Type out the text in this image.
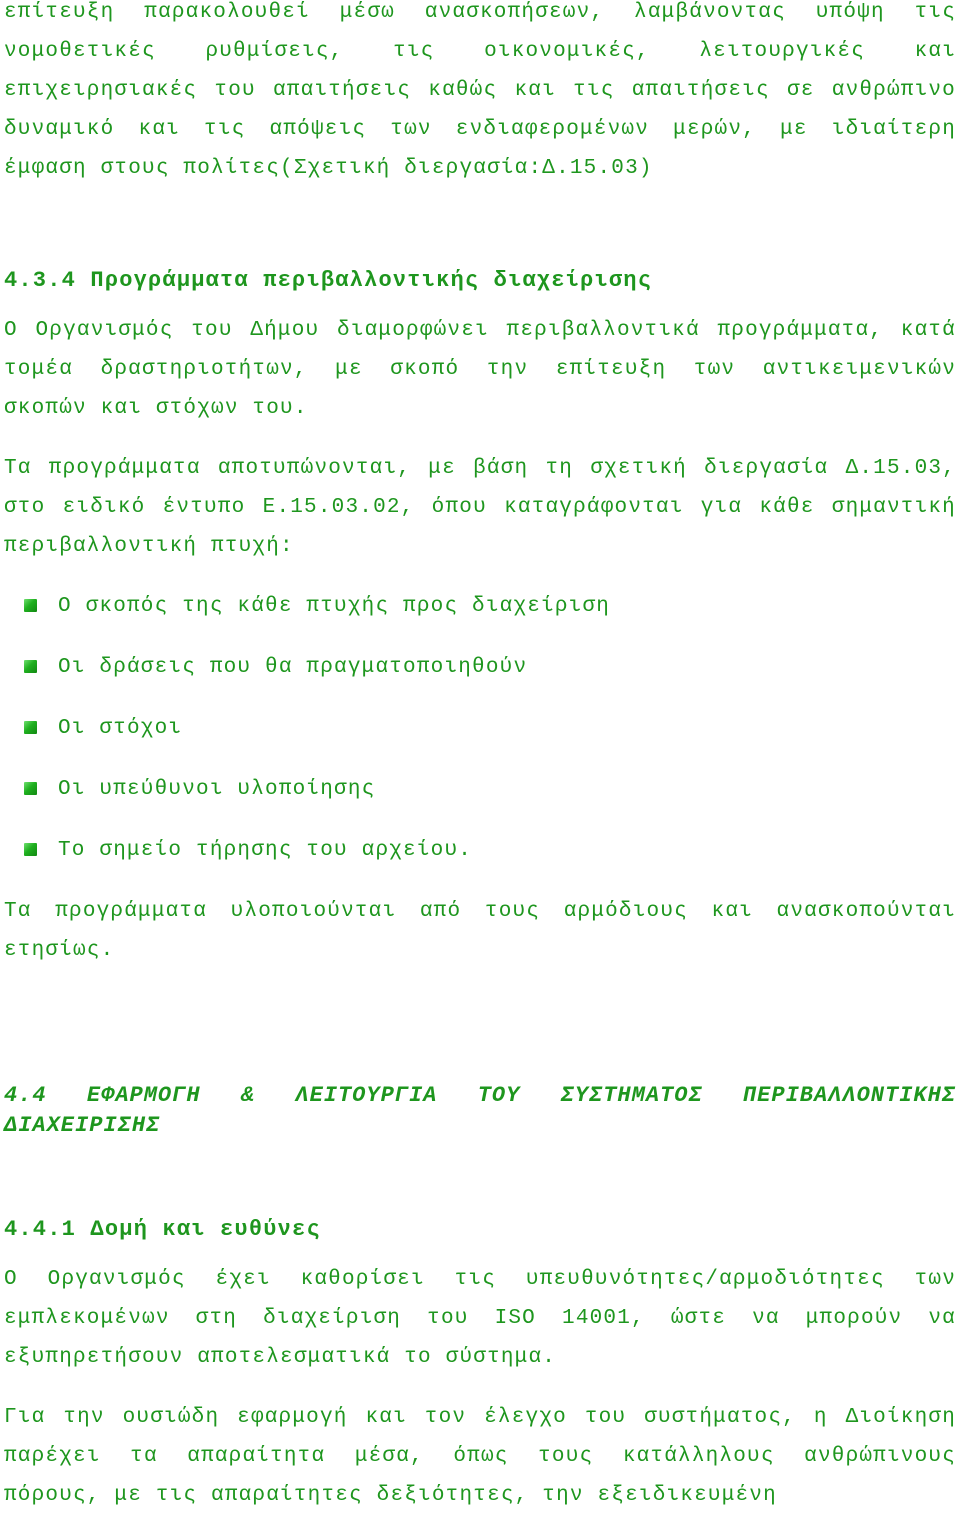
επίτευξη παρακολουθεί μέσω ανασκοπήσεων, λαμβάνοντας υπόψη τις νομοθετικές ρυθμίσεις, τις οικονομικές, λειτουργικές και επιχειρησιακές του απαιτήσεις καθώς και τις απαιτήσεις σε ανθρώπινο δυναμικό και τις απόψεις των ενδιαφερομένων μερών, με ιδιαίτερη έμφαση στους πολίτες(Σχετική διεργασία:Δ.15.03)

4.3.4 Προγράμματα περιβαλλοντικής διαχείρισης

Ο Οργανισμός του Δήμου διαμορφώνει περιβαλλοντικά προγράμματα, κατά τομέα δραστηριοτήτων, με σκοπό την επίτευξη των αντικειμενικών σκοπών και στόχων του.

Τα προγράμματα αποτυπώνονται, με βάση τη σχετική διεργασία Δ.15.03, στο ειδικό έντυπο Ε.15.03.02, όπου καταγράφονται για κάθε σημαντική περιβαλλοντική πτυχή:

Ο σκοπός της κάθε πτυχής προς διαχείριση
Οι δράσεις που θα πραγματοποιηθούν
Οι στόχοι
Οι υπεύθυνοι υλοποίησης
Το σημείο τήρησης του αρχείου.

Τα προγράμματα υλοποιούνται από τους αρμόδιους και ανασκοπούνται ετησίως.

4.4 ΕΦΑΡΜΟΓΗ & ΛΕΙΤΟΥΡΓΙΑ ΤΟΥ ΣΥΣΤΗΜΑΤΟΣ ΠΕΡΙΒΑΛΛΟΝΤΙΚΗΣ
ΔΙΑΧΕΙΡΙΣΗΣ
4.4.1 Δομή και ευθύνες

Ο Οργανισμός έχει καθορίσει τις υπευθυνότητες/αρμοδιότητες των εμπλεκομένων στη διαχείριση του ISO 14001, ώστε να μπορούν να εξυπηρετήσουν αποτελεσματικά το σύστημα.

Για την ουσιώδη εφαρμογή και τον έλεγχο του συστήματος, η Διοίκηση παρέχει τα απαραίτητα μέσα, όπως τους κατάλληλους ανθρώπινους πόρους, με τις απαραίτητες δεξιότητες, την εξειδικευμένη
